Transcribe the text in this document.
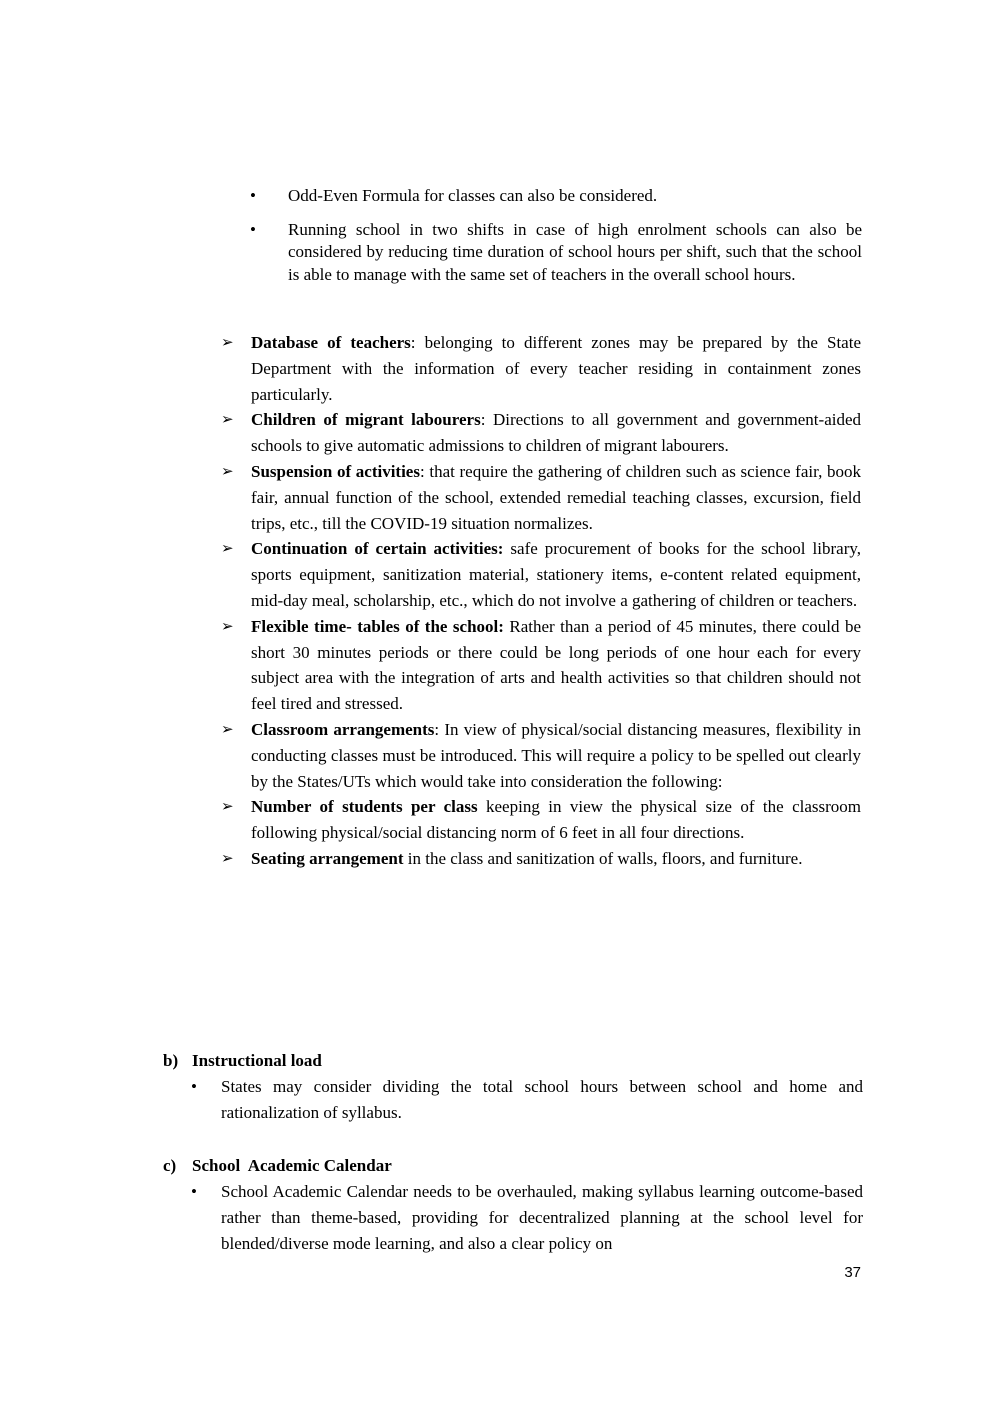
• Odd-Even Formula for classes can also be considered.
• Running school in two shifts in case of high enrolment schools can also be considered by reducing time duration of school hours per shift, such that the school is able to manage with the same set of teachers in the overall school hours.
➢ Database of teachers: belonging to different zones may be prepared by the State Department with the information of every teacher residing in containment zones particularly.
➢ Children of migrant labourers: Directions to all government and government-aided schools to give automatic admissions to children of migrant labourers.
➢ Suspension of activities: that require the gathering of children such as science fair, book fair, annual function of the school, extended remedial teaching classes, excursion, field trips, etc., till the COVID-19 situation normalizes.
➢ Continuation of certain activities: safe procurement of books for the school library, sports equipment, sanitization material, stationery items, e-content related equipment, mid-day meal, scholarship, etc., which do not involve a gathering of children or teachers.
➢ Flexible time- tables of the school: Rather than a period of 45 minutes, there could be short 30 minutes periods or there could be long periods of one hour each for every subject area with the integration of arts and health activities so that children should not feel tired and stressed.
➢ Classroom arrangements: In view of physical/social distancing measures, flexibility in conducting classes must be introduced. This will require a policy to be spelled out clearly by the States/UTs which would take into consideration the following:
➢ Number of students per class keeping in view the physical size of the classroom following physical/social distancing norm of 6 feet in all four directions.
➢ Seating arrangement in the class and sanitization of walls, floors, and furniture.
b) Instructional load
• States may consider dividing the total school hours between school and home and rationalization of syllabus.
c) School  Academic Calendar
• School Academic Calendar needs to be overhauled, making syllabus learning outcome-based rather than theme-based, providing for decentralized planning at the school level for blended/diverse mode learning, and also a clear policy on
37
